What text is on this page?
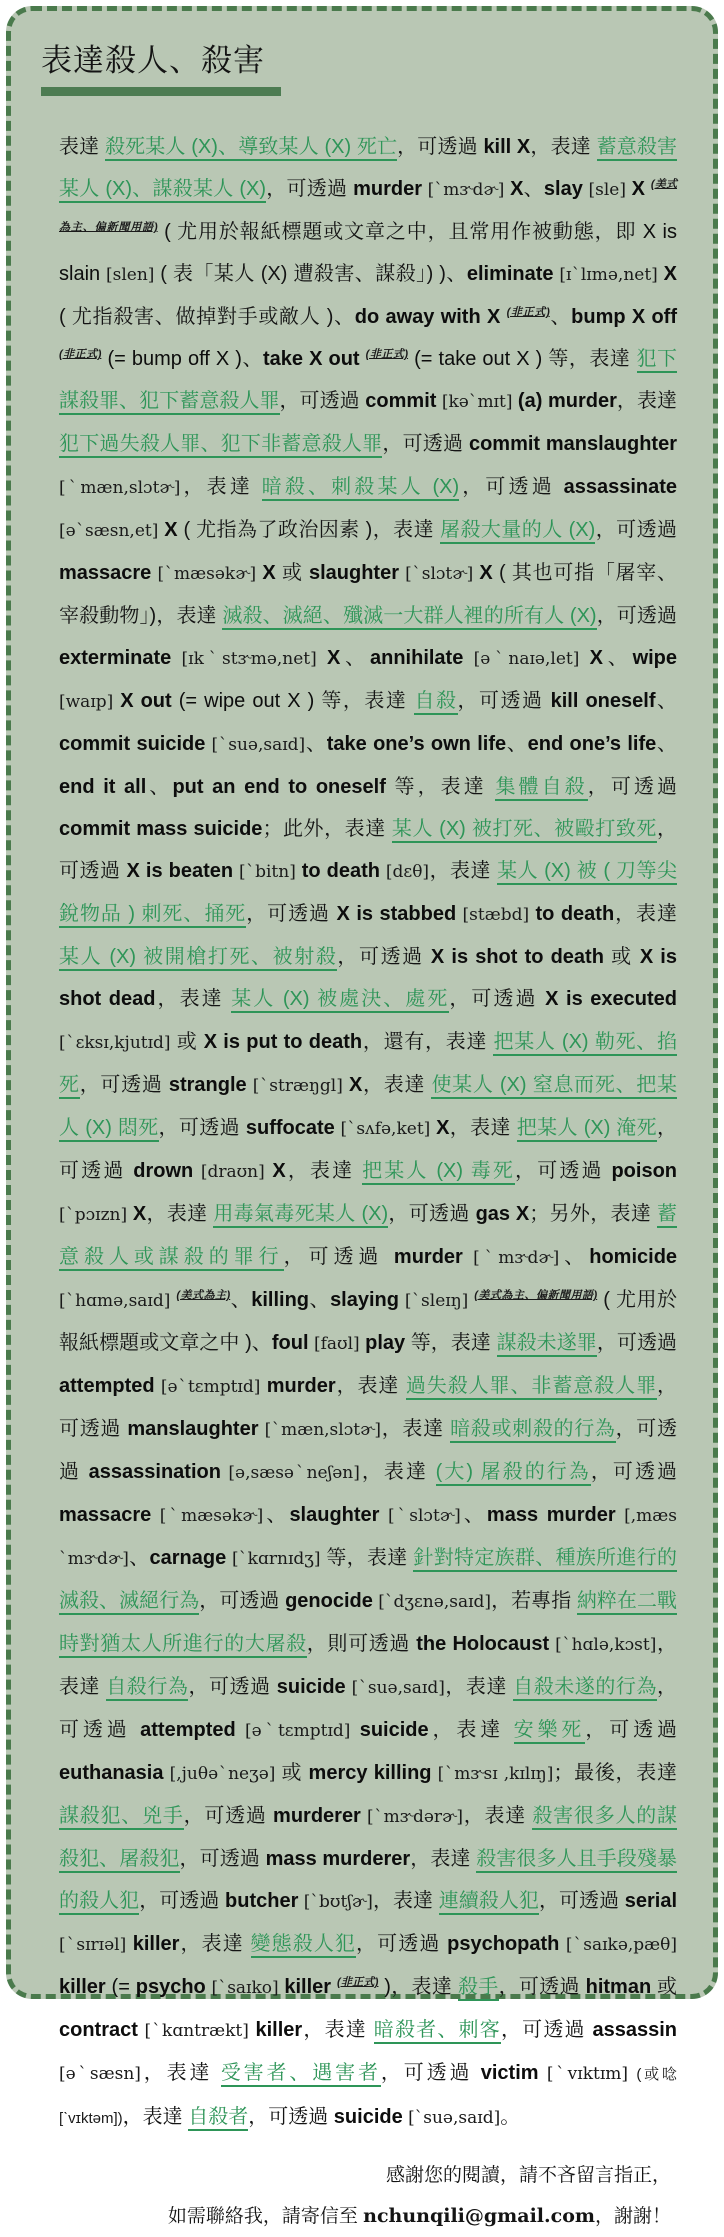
表達殺人、殺害

表達 殺死某人 (X)、導致某人 (X) 死亡，可透過 kill X，表達 蓄意殺害某人 (X)、謀殺某人 (X)，可透過 murder [ˋmɝdɚ] X、slay [sle] X $^{(美式為主、偏新聞用語)}$ ( 尤用於報紙標題或文章之中，且常用作被動態，即 X is slain [slen] ( 表「某人 (X) 遭殺害、謀殺」) )、eliminate [ɪˋlɪmə,net] X ( 尤指殺害、做掉對手或敵人 )、do away with X $^{(非正式)}$、bump X off $^{(非正式)}$ (= bump off X )、take X out $^{(非正式)}$ (= take out X ) 等，表達 犯下謀殺罪、犯下蓄意殺人罪，可透過 commit [kəˋmɪt] (a) murder，表達 犯下過失殺人罪、犯下非蓄意殺人罪，可透過 commit manslaughter [ˋmæn,slɔtɚ]，表達 暗殺、刺殺某人 (X)，可透過 assassinate [əˋsæsn,et] X ( 尤指為了政治因素 )，表達 屠殺大量的人 (X)，可透過 massacre [ˋmæsəkɚ] X 或 slaughter [ˋslɔtɚ] X ( 其也可指「屠宰、宰殺動物」)，表達 滅殺、滅絕、殲滅一大群人裡的所有人 (X)，可透過 exterminate [ɪkˋstɝmə,net] X、annihilate [əˋnaɪə,let] X、wipe [waɪp] X out (= wipe out X ) 等，表達 自殺，可透過 kill oneself、commit suicide [ˋsuə,saɪd]、take one’s own life、end one’s life、end it all、put an end to oneself 等，表達 集體自殺，可透過 commit mass suicide；此外，表達 某人 (X) 被打死、被毆打致死，可透過 X is beaten [ˋbitn] to death [dɛθ]，表達 某人 (X) 被 ( 刀等尖銳物品 ) 刺死、捅死，可透過 X is stabbed [stæbd] to death，表達 某人 (X) 被開槍打死、被射殺，可透過 X is shot to death 或 X is shot dead，表達 某人 (X) 被處決、處死，可透過 X is executed [ˋɛksɪ,kjutɪd] 或 X is put to death，還有，表達 把某人 (X) 勒死、掐死，可透過 strangle [ˋstræŋgl] X，表達 使某人 (X) 窒息而死、把某人 (X) 悶死，可透過 suffocate [ˋsʌfə,ket] X，表達 把某人 (X) 淹死，可透過 drown [draʊn] X，表達 把某人 (X) 毒死，可透過 poison [ˋpɔɪzn] X，表達 用毒氣毒死某人 (X)，可透過 gas X；另外，表達 蓄意殺人或謀殺的罪行，可透過 murder [ˋmɝdɚ]、homicide [ˋhɑmə,saɪd] $^{(美式為主)}$、killing、slaying [ˋsleɪŋ] $^{(美式為主、偏新聞用語)}$ ( 尤用於報紙標題或文章之中 )、foul [faʊl] play 等，表達 謀殺未遂罪，可透過 attempted [əˋtɛmptɪd] murder，表達 過失殺人罪、非蓄意殺人罪，可透過 manslaughter [ˋmæn,slɔtɚ]，表達 暗殺或刺殺的行為，可透過 assassination [ə,sæsəˋneʃən]，表達 (大) 屠殺的行為，可透過 massacre [ˋmæsəkɚ]、slaughter [ˋslɔtɚ]、mass murder [,mæs ˋmɝdɚ]、carnage [ˋkɑrnɪdʒ] 等，表達 針對特定族群、種族所進行的滅殺、滅絕行為，可透過 genocide [ˋdʒɛnə,saɪd]，若專指 納粹在二戰時對猶太人所進行的大屠殺，則可透過 the Holocaust [ˋhɑlə,kɔst]，表達 自殺行為，可透過 suicide [ˋsuə,saɪd]，表達 自殺未遂的行為，可透過 attempted [əˋtɛmptɪd] suicide，表達 安樂死，可透過 euthanasia [,juθəˋneʒə] 或 mercy killing [ˋmɝsɪ ,kɪlɪŋ]；最後，表達 謀殺犯、兇手，可透過 murderer [ˋmɝdərɚ]，表達 殺害很多人的謀殺犯、屠殺犯，可透過 mass murderer，表達 殺害很多人且手段殘暴的殺人犯，可透過 butcher [ˋbʊtʃɚ]，表達 連續殺人犯，可透過 serial [ˋsɪrɪəl] killer，表達 變態殺人犯，可透過 psychopath [ˋsaɪkə,pæθ] killer (= psycho [ˋsaɪko] killer $^{(非正式)}$ )，表達 殺手，可透過 hitman 或 contract [ˋkɑntrækt] killer，表達 暗殺者、刺客，可透過 assassin [əˋsæsn]，表達 受害者、遇害者，可透過 victim [ˋvɪktɪm] (或唸 [ˋvɪktəm])，表達 自殺者，可透過 suicide [ˋsuə,saɪd]。

感謝您的閱讀，請不吝留言指正，
如需聯絡我，請寄信至 nchunqili@gmail.com，謝謝！
